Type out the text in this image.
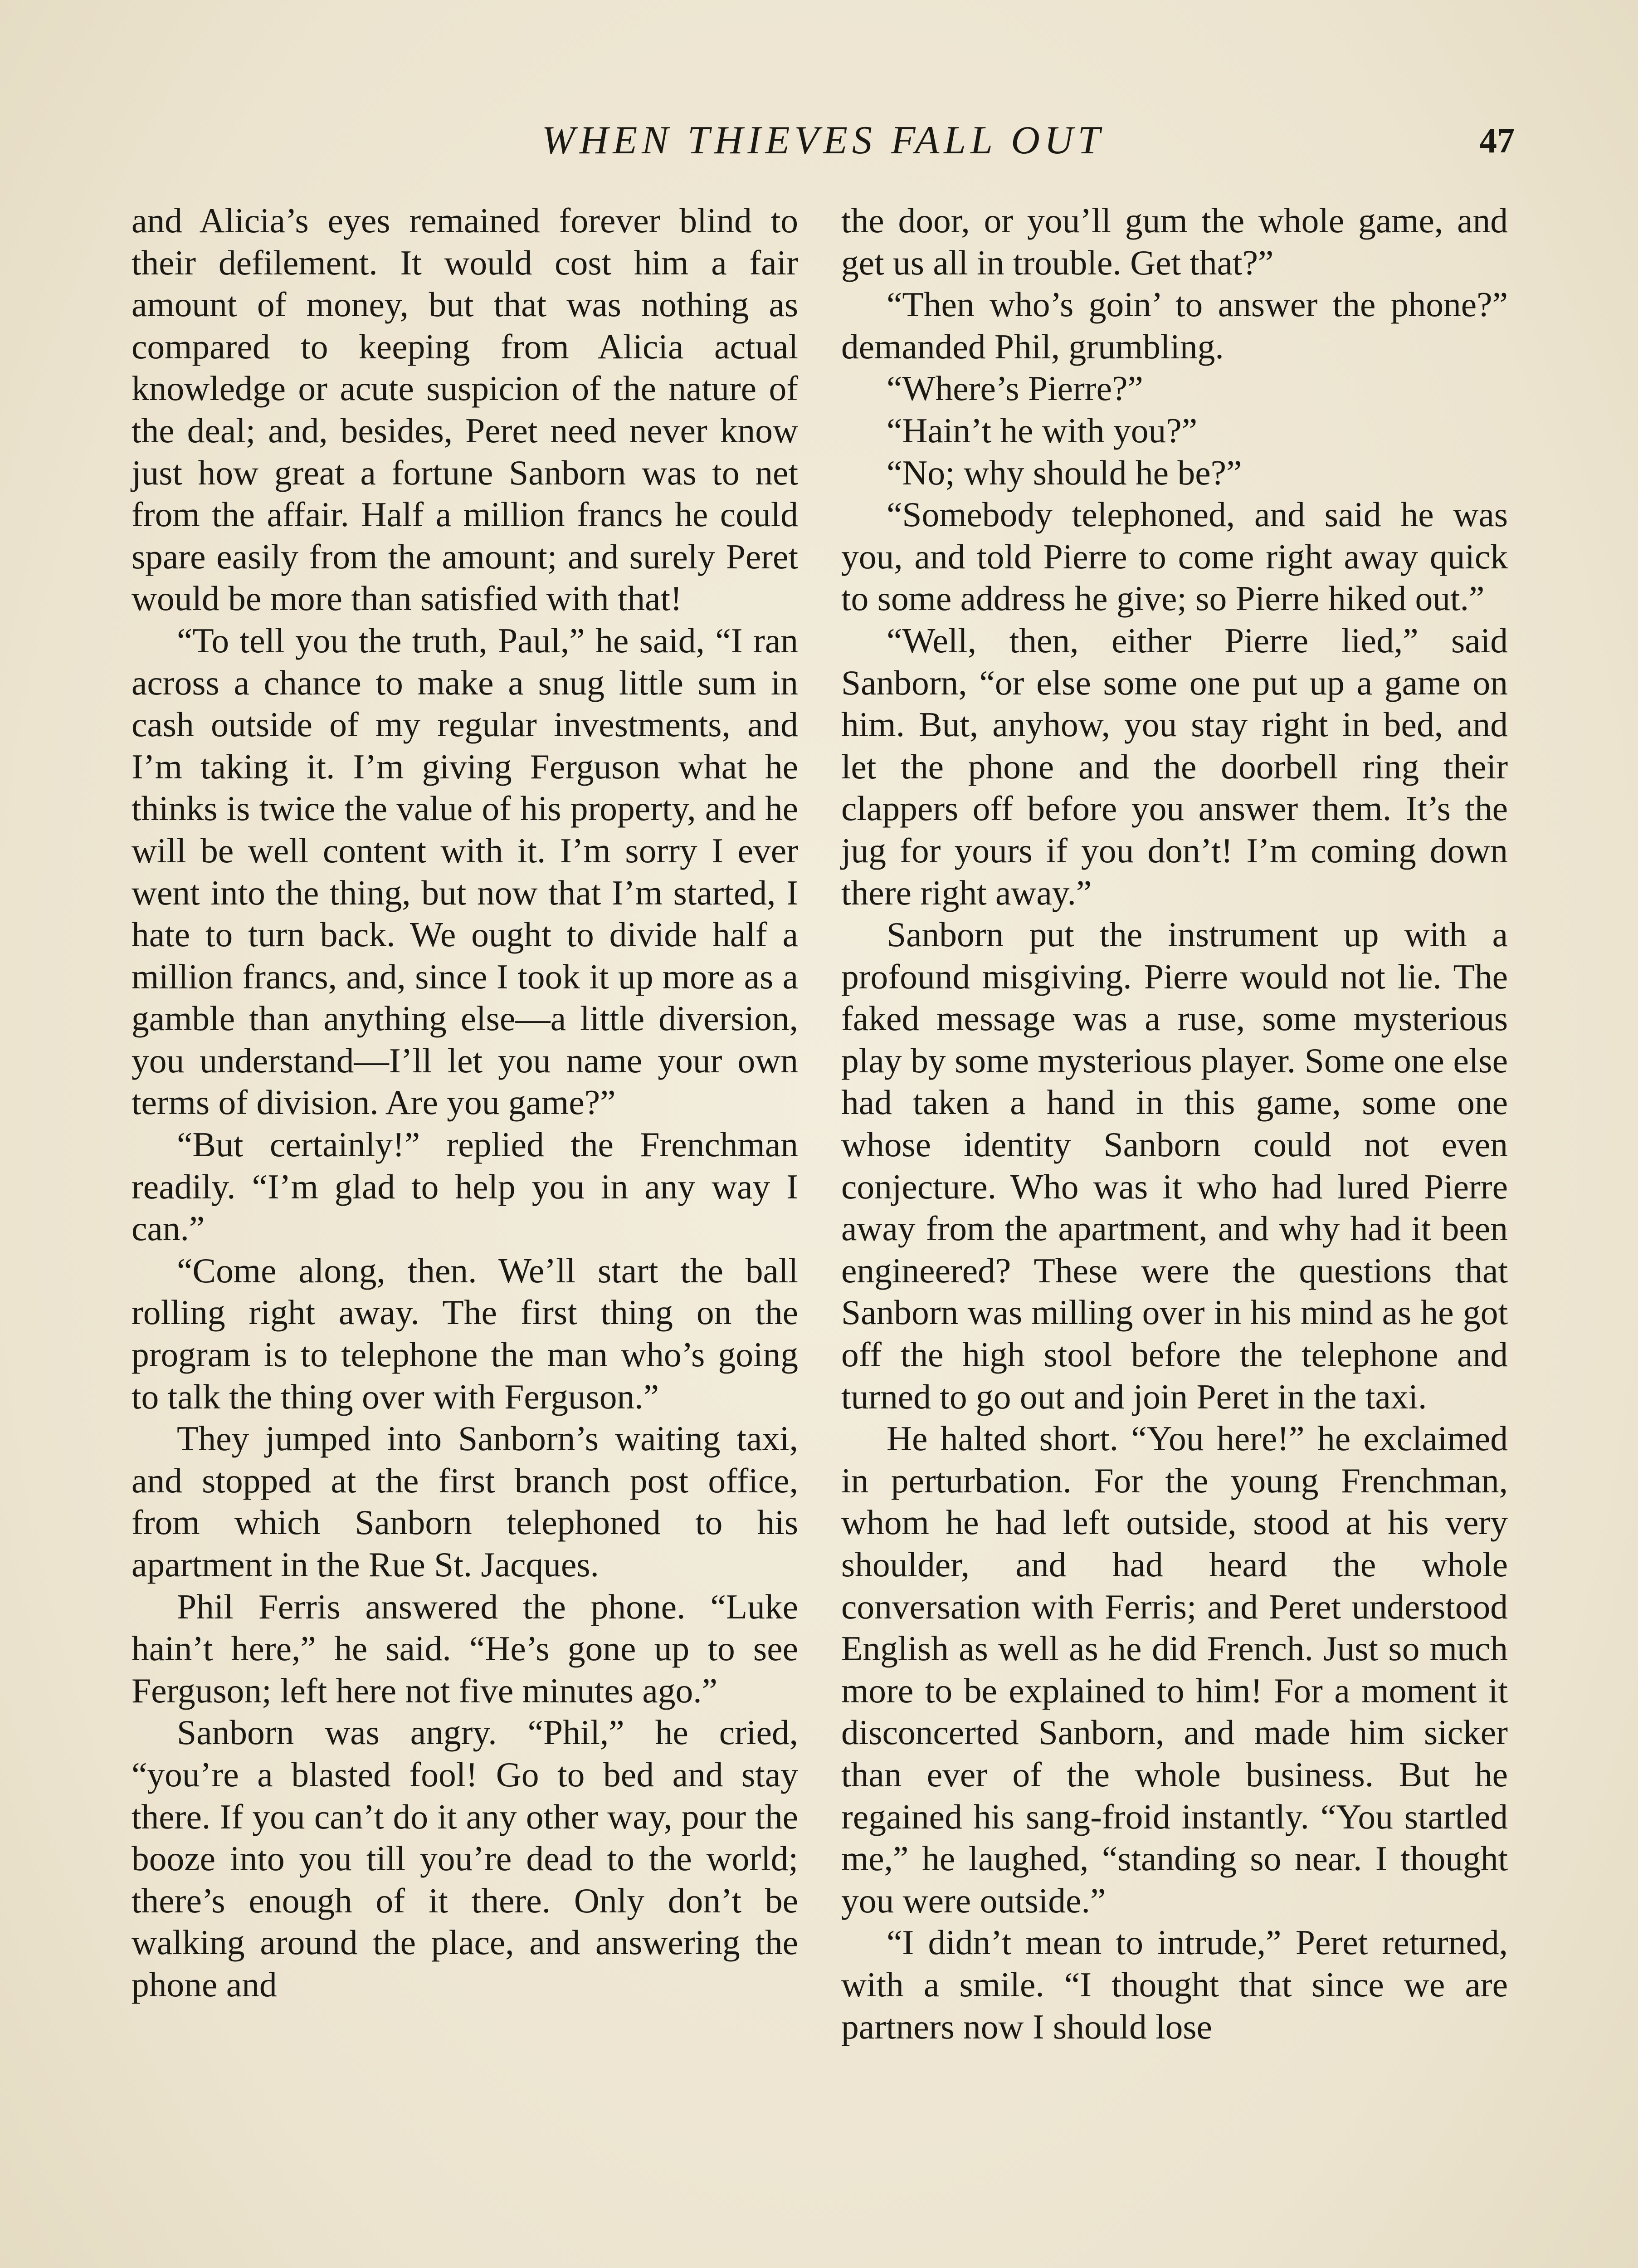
WHEN THIEVES FALL OUT	47

and Alicia’s eyes remained forever blind to their defilement. It would cost him a fair amount of money, but that was nothing as compared to keeping from Alicia actual knowledge or acute suspicion of the nature of the deal; and, besides, Peret need never know just how great a fortune Sanborn was to net from the affair. Half a million francs he could spare easily from the amount; and surely Peret would be more than satisfied with that!

“To tell you the truth, Paul,” he said, “I ran across a chance to make a snug little sum in cash outside of my regular investments, and I’m taking it. I’m giving Ferguson what he thinks is twice the value of his property, and he will be well content with it. I’m sorry I ever went into the thing, but now that I’m started, I hate to turn back. We ought to divide half a million francs, and, since I took it up more as a gamble than anything else—a little diversion, you understand—I’ll let you name your own terms of division. Are you game?”

“But certainly!” replied the Frenchman readily. “I’m glad to help you in any way I can.”

“Come along, then. We’ll start the ball rolling right away. The first thing on the program is to telephone the man who’s going to talk the thing over with Ferguson.”

They jumped into Sanborn’s waiting taxi, and stopped at the first branch post office, from which Sanborn telephoned to his apartment in the Rue St. Jacques.

Phil Ferris answered the phone. “Luke hain’t here,” he said. “He’s gone up to see Ferguson; left here not five minutes ago.”

Sanborn was angry. “Phil,” he cried, “you’re a blasted fool! Go to bed and stay there. If you can’t do it any other way, pour the booze into you till you’re dead to the world; there’s enough of it there. Only don’t be walking around the place, and answering the phone and

the door, or you’ll gum the whole game, and get us all in trouble. Get that?”

“Then who’s goin’ to answer the phone?” demanded Phil, grumbling.

“Where’s Pierre?”

“Hain’t he with you?”

“No; why should he be?”

“Somebody telephoned, and said he was you, and told Pierre to come right away quick to some address he give; so Pierre hiked out.”

“Well, then, either Pierre lied,” said Sanborn, “or else some one put up a game on him. But, anyhow, you stay right in bed, and let the phone and the doorbell ring their clappers off before you answer them. It’s the jug for yours if you don’t! I’m coming down there right away.”

Sanborn put the instrument up with a profound misgiving. Pierre would not lie. The faked message was a ruse, some mysterious play by some mysterious player. Some one else had taken a hand in this game, some one whose identity Sanborn could not even conjecture. Who was it who had lured Pierre away from the apartment, and why had it been engineered? These were the questions that Sanborn was milling over in his mind as he got off the high stool before the telephone and turned to go out and join Peret in the taxi.

He halted short. “You here!” he exclaimed in perturbation. For the young Frenchman, whom he had left outside, stood at his very shoulder, and had heard the whole conversation with Ferris; and Peret understood English as well as he did French. Just so much more to be explained to him! For a moment it disconcerted Sanborn, and made him sicker than ever of the whole business. But he regained his sang-froid instantly. “You startled me,” he laughed, “standing so near. I thought you were outside.”

“I didn’t mean to intrude,” Peret returned, with a smile. “I thought that since we are partners now I should lose
